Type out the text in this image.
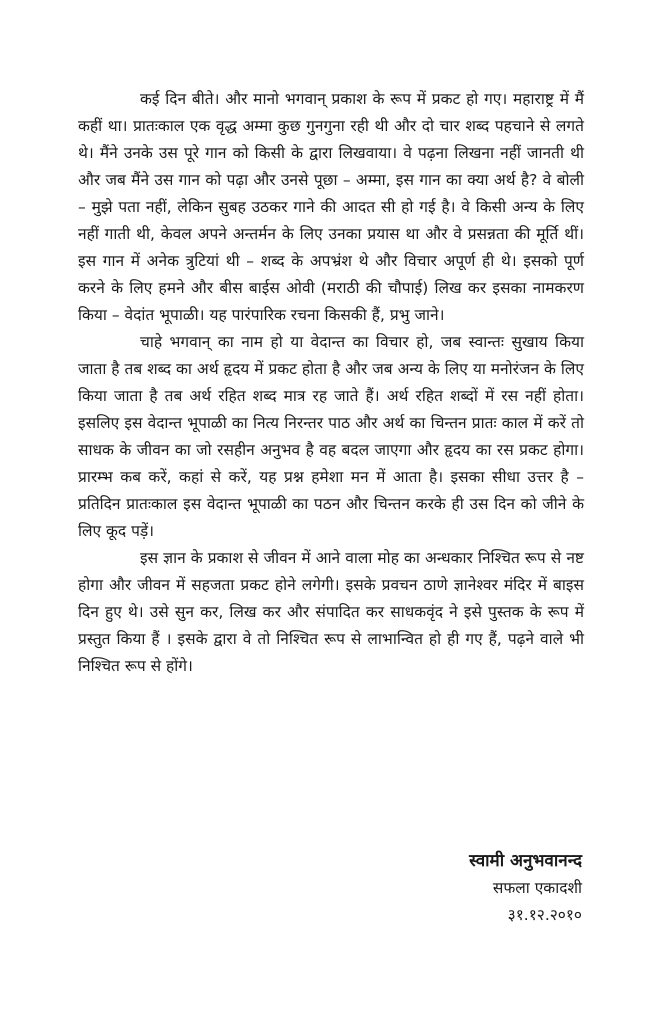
कई दिन बीते। और मानो भगवान् प्रकाश के रूप में प्रकट हो गए। महाराष्ट्र में मैं कहीं था। प्रातःकाल एक वृद्ध अम्मा कुछ गुनगुना रही थी और दो चार शब्द पहचाने से लगते थे। मैंने उनके उस पूरे गान को किसी के द्वारा लिखवाया। वे पढ़ना लिखना नहीं जानती थी और जब मैंने उस गान को पढ़ा और उनसे पूछा – अम्मा, इस गान का क्या अर्थ है? वे बोली – मुझे पता नहीं, लेकिन सुबह उठकर गाने की आदत सी हो गई है। वे किसी अन्य के लिए नहीं गाती थी, केवल अपने अन्तर्मन के लिए उनका प्रयास था और वे प्रसन्नता की मूर्ति थीं। इस गान में अनेक त्रुटियां थी – शब्द के अपभ्रंश थे और विचार अपूर्ण ही थे। इसको पूर्ण करने के लिए हमने और बीस बाईस ओवी (मराठी की चौपाई) लिख कर इसका नामकरण किया – वेदांत भूपाळी। यह पारंपारिक रचना किसकी हैं, प्रभु जाने।

चाहे भगवान् का नाम हो या वेदान्त का विचार हो, जब स्वान्तः सुखाय किया जाता है तब शब्द का अर्थ हृदय में प्रकट होता है और जब अन्य के लिए या मनोरंजन के लिए किया जाता है तब अर्थ रहित शब्द मात्र रह जाते हैं। अर्थ रहित शब्दों में रस नहीं होता। इसलिए इस वेदान्त भूपाळी का नित्य निरन्तर पाठ और अर्थ का चिन्तन प्रातः काल में करें तो साधक के जीवन का जो रसहीन अनुभव है वह बदल जाएगा और हृदय का रस प्रकट होगा। प्रारम्भ कब करें, कहां से करें, यह प्रश्न हमेशा मन में आता है। इसका सीधा उत्तर है – प्रतिदिन प्रातःकाल इस वेदान्त भूपाळी का पठन और चिन्तन करके ही उस दिन को जीने के लिए कूद पड़ें।

इस ज्ञान के प्रकाश से जीवन में आने वाला मोह का अन्धकार निश्चित रूप से नष्ट होगा और जीवन में सहजता प्रकट होने लगेगी। इसके प्रवचन ठाणे ज्ञानेश्वर मंदिर में बाइस दिन हुए थे। उसे सुन कर, लिख कर और संपादित कर साधकवृंद ने इसे पुस्तक के रूप में प्रस्तुत किया हैं । इसके द्वारा वे तो निश्चित रूप से लाभान्वित हो ही गए हैं, पढ़ने वाले भी निश्चित रूप से होंगे।

स्वामी अनुभवानन्द
सफला एकादशी
३१.१२.२०१०
